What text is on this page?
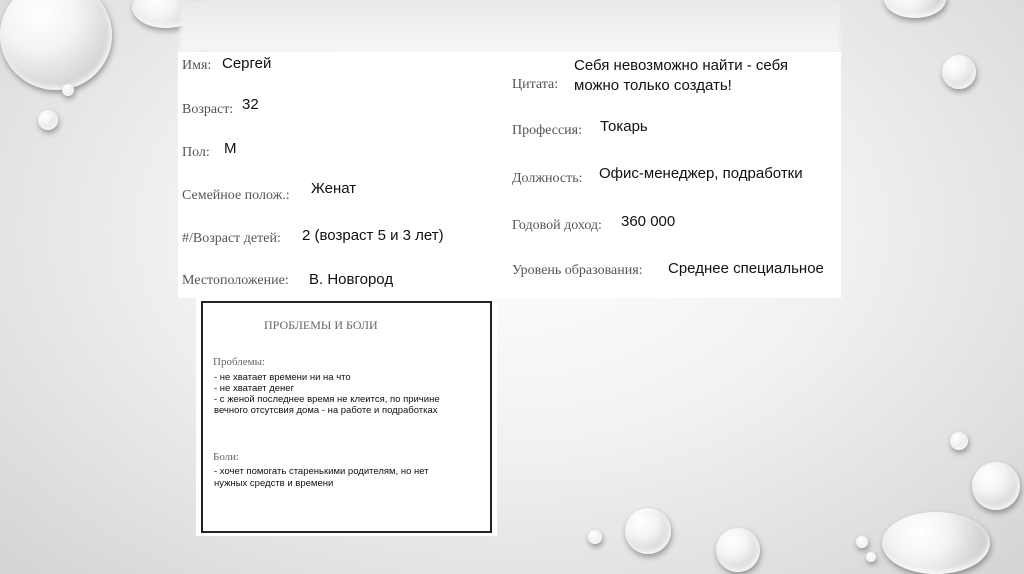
Имя: Сергей
Возраст: 32
Пол: М
Семейное полож.: Женат
#/Возраст детей: 2 (возраст 5 и 3 лет)
Местоположение: В. Новгород
Цитата:
Себя невозможно найти - себя
можно только создать!
Профессия: Токарь
Должность: Офис-менеджер, подработки
Годовой доход: 360 000
Уровень образования: Среднее специальное
ПРОБЛЕМЫ И БОЛИ
Проблемы:
- не хватает времени ни на что
- не хватает денег
- с женой последнее время не клеится, по причине
вечного отсутсвия дома - на работе и подработках
Боли:
- хочет помогать старенькими родителям, но нет
нужных средств и времени
